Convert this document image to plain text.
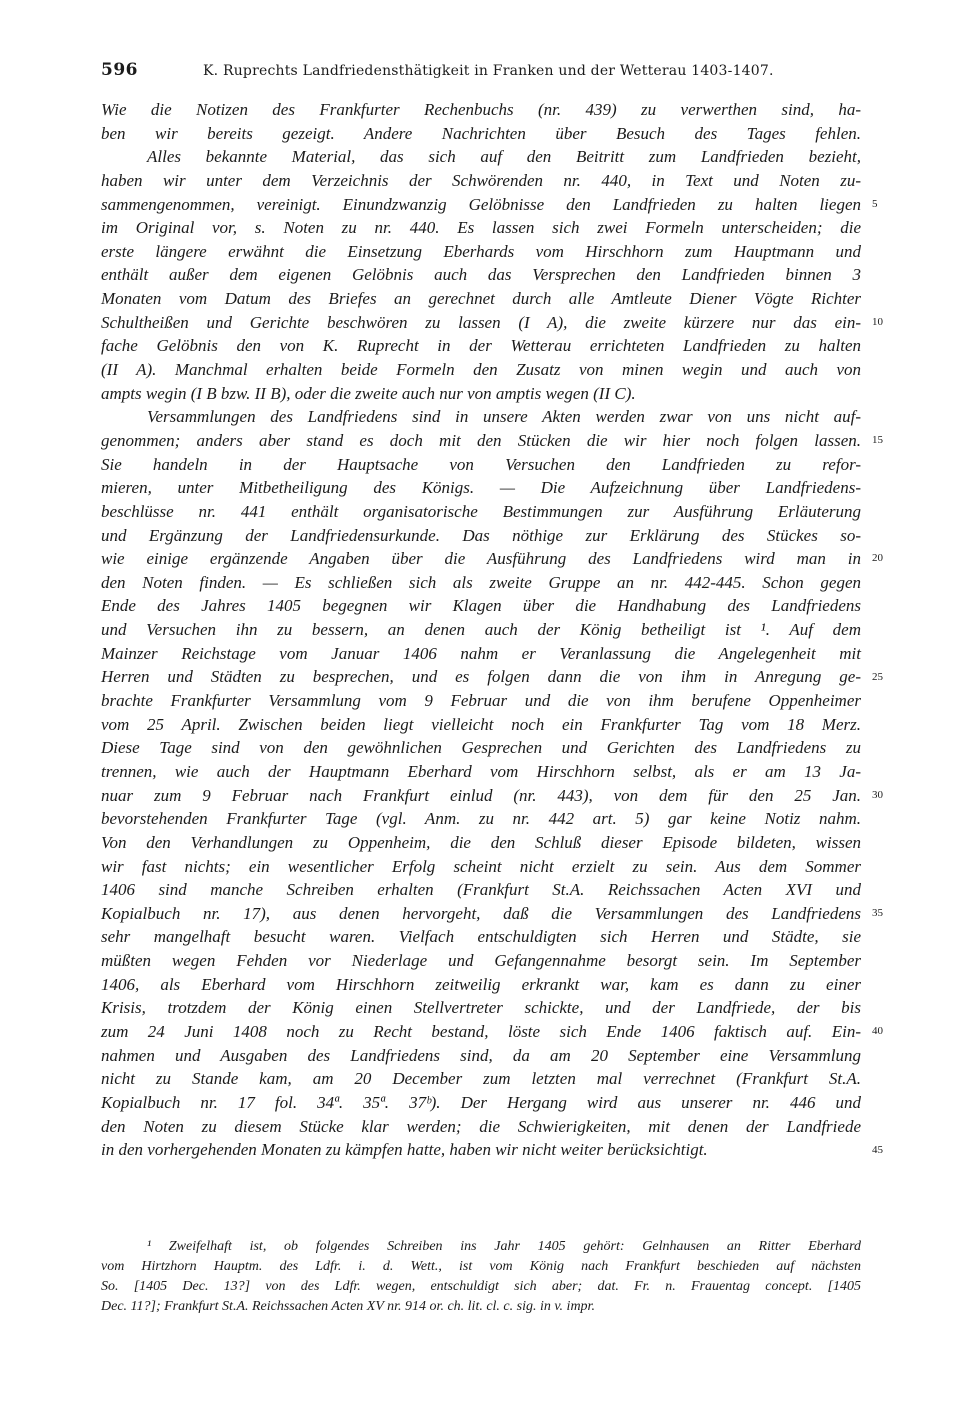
596	K. Ruprechts Landfriedensthätigkeit in Franken und der Wetterau 1403-1407.
Wie die Notizen des Frankfurter Rechenbuchs (nr. 439) zu verwerthen sind, ha-
ben wir bereits gezeigt. Andere Nachrichten über Besuch des Tages fehlen.
Alles bekannte Material, das sich auf den Beitritt zum Landfrieden bezieht,
haben wir unter dem Verzeichnis der Schwörenden nr. 440, in Text und Noten zu-
sammengenommen, vereinigt. Einundzwanzig Gelöbnisse den Landfrieden zu halten liegen
im Original vor, s. Noten zu nr. 440. Es lassen sich zwei Formeln unterscheiden; die
erste längere erwähnt die Einsetzung Eberhards vom Hirschhorn zum Hauptmann und
enthält außer dem eigenen Gelöbnis auch das Versprechen den Landfrieden binnen 3
Monaten vom Datum des Briefes an gerechnet durch alle Amtleute Diener Vögte Richter
Schultheißen und Gerichte beschwören zu lassen (I A), die zweite kürzere nur das ein-
fache Gelöbnis den von K. Ruprecht in der Wetterau errichteten Landfrieden zu halten
(II A). Manchmal erhalten beide Formeln den Zusatz von minen wegin und auch von
ampts wegin (I B bzw. II B), oder die zweite auch nur von amptis wegen (II C).
Versammlungen des Landfriedens sind in unsere Akten werden zwar von uns nicht auf-
genommen; anders aber stand es doch mit den Stücken die wir hier noch folgen lassen.
Sie handeln in der Hauptsache von Versuchen den Landfrieden zu refor-
mieren, unter Mitbetheiligung des Königs. — Die Aufzeichnung über Landfriedens-
beschlüsse nr. 441 enthält organisatorische Bestimmungen zur Ausführung Erläuterung
und Ergänzung der Landfriedensurkunde. Das nöthige zur Erklärung des Stückes so-
wie einige ergänzende Angaben über die Ausführung des Landfriedens wird man in
den Noten finden. — Es schließen sich als zweite Gruppe an nr. 442-445. Schon gegen
Ende des Jahres 1405 begegnen wir Klagen über die Handhabung des Landfriedens
und Versuchen ihn zu bessern, an denen auch der König betheiligt ist ¹. Auf dem
Mainzer Reichstage vom Januar 1406 nahm er Veranlassung die Angelegenheit mit
Herren und Städten zu besprechen, und es folgen dann die von ihm in Anregung ge-
brachte Frankfurter Versammlung vom 9 Februar und die von ihm berufene Oppenheimer
vom 25 April. Zwischen beiden liegt vielleicht noch ein Frankfurter Tag vom 18 Merz.
Diese Tage sind von den gewöhnlichen Gesprechen und Gerichten des Landfriedens zu
trennen, wie auch der Hauptmann Eberhard vom Hirschhorn selbst, als er am 13 Ja-
nuar zum 9 Februar nach Frankfurt einlud (nr. 443), von dem für den 25 Jan.
bevorstehenden Frankfurter Tage (vgl. Anm. zu nr. 442 art. 5) gar keine Notiz nahm.
Von den Verhandlungen zu Oppenheim, die den Schluß dieser Episode bildeten, wissen
wir fast nichts; ein wesentlicher Erfolg scheint nicht erzielt zu sein. Aus dem Sommer
1406 sind manche Schreiben erhalten (Frankfurt St.A. Reichssachen Acten XVI und
Kopialbuch nr. 17), aus denen hervorgeht, daß die Versammlungen des Landfriedens
sehr mangelhaft besucht waren. Vielfach entschuldigten sich Herren und Städte, sie
müßten wegen Fehden vor Niederlage und Gefangennahme besorgt sein. Im September
1406, als Eberhard vom Hirschhorn zeitweilig erkrankt war, kam es dann zu einer
Krisis, trotzdem der König einen Stellvertreter schickte, und der Landfriede, der bis
zum 24 Juni 1408 noch zu Recht bestand, löste sich Ende 1406 faktisch auf. Ein-
nahmen und Ausgaben des Landfriedens sind, da am 20 September eine Versammlung
nicht zu Stande kam, am 20 December zum letzten mal verrechnet (Frankfurt St.A.
Kopialbuch nr. 17 fol. 34ª. 35ª. 37ᵇ). Der Hergang wird aus unserer nr. 446 und
den Noten zu diesem Stücke klar werden; die Schwierigkeiten, mit denen der Landfriede
in den vorhergehenden Monaten zu kämpfen hatte, haben wir nicht weiter berücksichtigt.
5
10
15
20
25
30
35
40
45
¹ Zweifelhaft ist, ob folgendes Schreiben ins Jahr 1405 gehört: Gelnhausen an Ritter Eberhard
vom Hirtzhorn Hauptm. des Ldfr. i. d. Wett., ist vom König nach Frankfurt beschieden auf nächsten
So. [1405 Dec. 13?] von des Ldfr. wegen, entschuldigt sich aber; dat. Fr. n. Frauentag concept. [1405
Dec. 11?]; Frankfurt St.A. Reichssachen Acten XV nr. 914 or. ch. lit. cl. c. sig. in v. impr.
